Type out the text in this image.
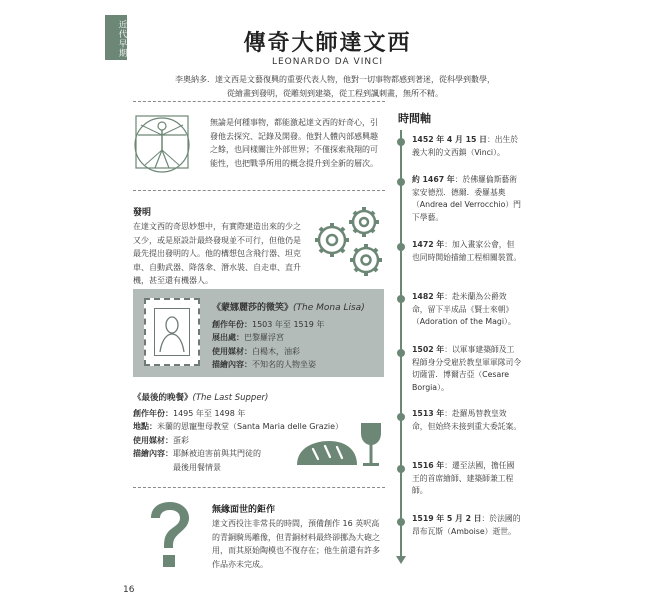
近代早期	傳奇大師達文西
LEONARDO DA VINCI
李奧納多．達文西是文藝復興的重要代表人物，他對一切事物都感到著迷，從科學到數學，從繪畫到發明，從雕刻到建築，從工程到諷刺畫，無所不精。
無論是何種事物，都能激起達文西的好奇心，引發他去探究、記錄及開發。他對人體內部感興趣之餘，也同樣關注外部世界；不僅探索飛翔的可能性，也把戰爭所用的概念提升到全新的層次。
發明
在達文西的奇思妙想中，有實際建造出來的少之又少，或是原設計最終發現並不可行，但他仍是最先提出發明的人。他的構想包含飛行器、坦克車、自動武器、降落傘、潛水裝、自走車、直升機，甚至還有機器人。
《蒙娜麗莎的微笑》(The Mona Lisa)
創作年份：1503 年至 1519 年
展出處：巴黎羅浮宮
使用媒材：白楊木，油彩
描繪內容：不知名的人物坐姿
《最後的晚餐》(The Last Supper)
創作年份：1495 年至 1498 年
地點：米蘭的恩寵聖母教堂（Santa Maria delle Grazie）
使用媒材：蛋彩
描繪內容：耶穌被迫害前與其門徒的
最後用餐情景
無緣面世的鉅作
達文西投注非常長的時間，預備創作 16 英呎高的青銅騎馬雕像，但青銅材料最終卻挪為大砲之用，而其原始陶模也不復存在；他生前還有許多作品亦未完成。
時間軸
1452 年 4 月 15 日：出生於義大利的文西鎮（Vinci）。
約 1467 年：於佛羅倫斯藝術家安德烈．德爾．委羅基奧（Andrea del Verrocchio）門下學藝。
1472 年：加入畫家公會，但也同時開始描繪工程相關裝置。
1482 年：赴米蘭為公爵效命，留下半成品《賢士來朝》（Adoration of the Magi）。
1502 年：以軍事建築師及工程師身分受雇於教皇軍軍隊司令切薩雷．博爾吉亞（Cesare Borgia）。
1513 年：赴羅馬替教皇效命，但始終未接到重大委託案。
1516 年：遷至法國，擔任國王的首席繪師、建築師兼工程師。
1519 年 5 月 2 日：於法國的昂布瓦斯（Amboise）逝世。
16
